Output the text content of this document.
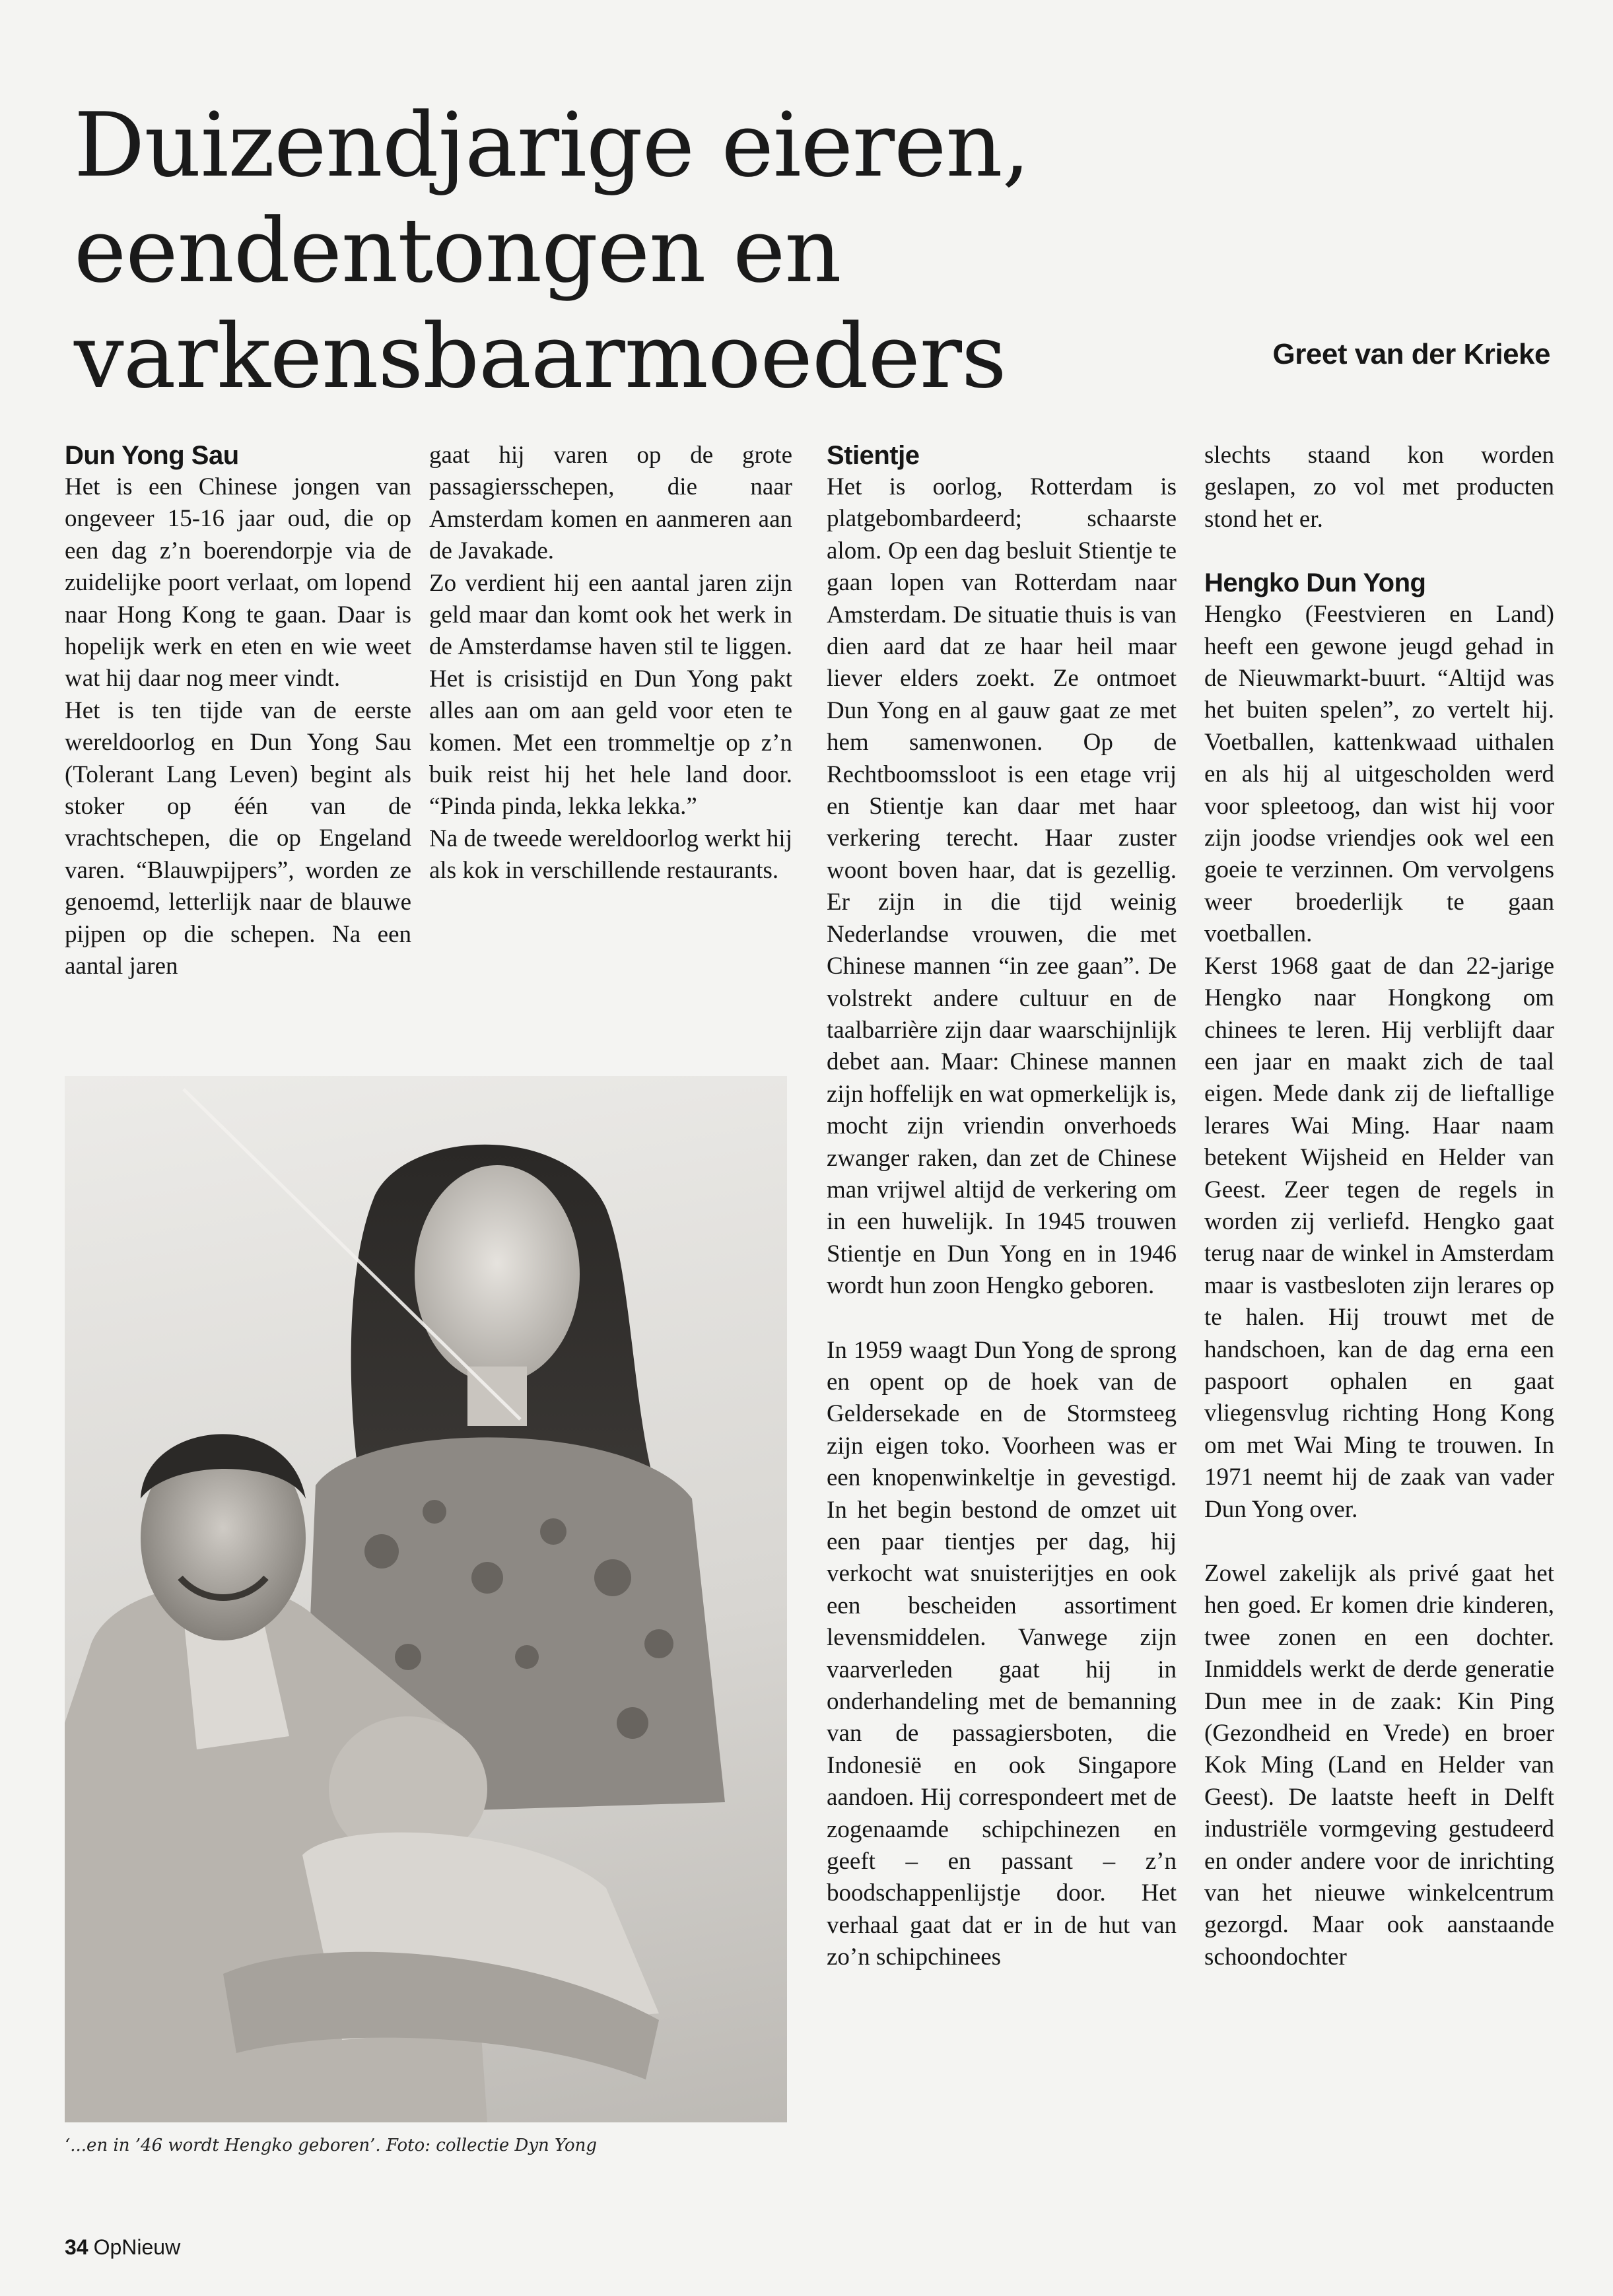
Duizendjarige eieren, eendentongen en varkensbaarmoeders	Greet van der Krieke
Dun Yong Sau

Het is een Chinese jongen van ongeveer 15-16 jaar oud, die op een dag z’n boerendorpje via de zuidelijke poort verlaat, om lopend naar Hong Kong te gaan. Daar is hopelijk werk en eten en wie weet wat hij daar nog meer vindt.

Het is ten tijde van de eerste wereldoorlog en Dun Yong Sau (Tolerant Lang Leven) begint als stoker op één van de vrachtschepen, die op Engeland varen. “Blauwpijpers”, worden ze genoemd, letterlijk naar de blauwe pijpen op die schepen. Na een aantal jaren

gaat hij varen op de grote passagiersschepen, die naar Amsterdam komen en aanmeren aan de Javakade.

Zo verdient hij een aantal jaren zijn geld maar dan komt ook het werk in de Amsterdamse haven stil te liggen. Het is crisistijd en Dun Yong pakt alles aan om aan geld voor eten te komen. Met een trommeltje op z’n buik reist hij het hele land door. “Pinda pinda, lekka lekka.”

Na de tweede wereldoorlog werkt hij als kok in verschillende restaurants.

Stientje

Het is oorlog, Rotterdam is platgebombardeerd; schaarste alom. Op een dag besluit Stientje te gaan lopen van Rotterdam naar Amsterdam. De situatie thuis is van dien aard dat ze haar heil maar liever elders zoekt. Ze ontmoet Dun Yong en al gauw gaat ze met hem samenwonen. Op de Rechtboomssloot is een etage vrij en Stientje kan daar met haar verkering terecht. Haar zuster woont boven haar, dat is gezellig. Er zijn in die tijd weinig Nederlandse vrouwen, die met Chinese mannen “in zee gaan”. De volstrekt andere cultuur en de taalbarrière zijn daar waarschijnlijk debet aan. Maar: Chinese mannen zijn hoffelijk en wat opmerkelijk is, mocht zijn vriendin onverhoeds zwanger raken, dan zet de Chinese man vrijwel altijd de verkering om in een huwelijk. In 1945 trouwen Stientje en Dun Yong en in 1946 wordt hun zoon Hengko geboren.

In 1959 waagt Dun Yong de sprong en opent op de hoek van de Geldersekade en de Stormsteeg zijn eigen toko. Voorheen was er een knopenwinkeltje in gevestigd. In het begin bestond de omzet uit een paar tientjes per dag, hij verkocht wat snuisterijtjes en ook een bescheiden assortiment levensmiddelen. Vanwege zijn vaarverleden gaat hij in onderhandeling met de bemanning van de passagiersboten, die Indonesië en ook Singapore aandoen. Hij correspondeert met de zogenaamde schipchinezen en geeft – en passant – z’n boodschappenlijstje door. Het verhaal gaat dat er in de hut van zo’n schipchinees

slechts staand kon worden geslapen, zo vol met producten stond het er.

Hengko Dun Yong

Hengko (Feestvieren en Land) heeft een gewone jeugd gehad in de Nieuwmarkt-buurt. “Altijd was het buiten spelen”, zo vertelt hij. Voetballen, kattenkwaad uithalen en als hij al uitgescholden werd voor spleetoog, dan wist hij voor zijn joodse vriendjes ook wel een goeie te verzinnen. Om vervolgens weer broederlijk te gaan voetballen.

Kerst 1968 gaat de dan 22-jarige Hengko naar Hongkong om chinees te leren. Hij verblijft daar een jaar en maakt zich de taal eigen. Mede dank zij de lieftallige lerares Wai Ming. Haar naam betekent Wijsheid en Helder van Geest. Zeer tegen de regels in worden zij verliefd. Hengko gaat terug naar de winkel in Amsterdam maar is vastbesloten zijn lerares op te halen. Hij trouwt met de handschoen, kan de dag erna een paspoort ophalen en gaat vliegensvlug richting Hong Kong om met Wai Ming te trouwen. In 1971 neemt hij de zaak van vader Dun Yong over.

Zowel zakelijk als privé gaat het hen goed. Er komen drie kinderen, twee zonen en een dochter. Inmiddels werkt de derde generatie Dun mee in de zaak: Kin Ping (Gezondheid en Vrede) en broer Kok Ming (Land en Helder van Geest). De laatste heeft in Delft industriële vormgeving gestudeerd en onder andere voor de inrichting van het nieuwe winkelcentrum gezorgd. Maar ook aanstaande schoondochter

‘...en in ’46 wordt Hengko geboren’. Foto: collectie Dyn Yong
34 OpNieuw
